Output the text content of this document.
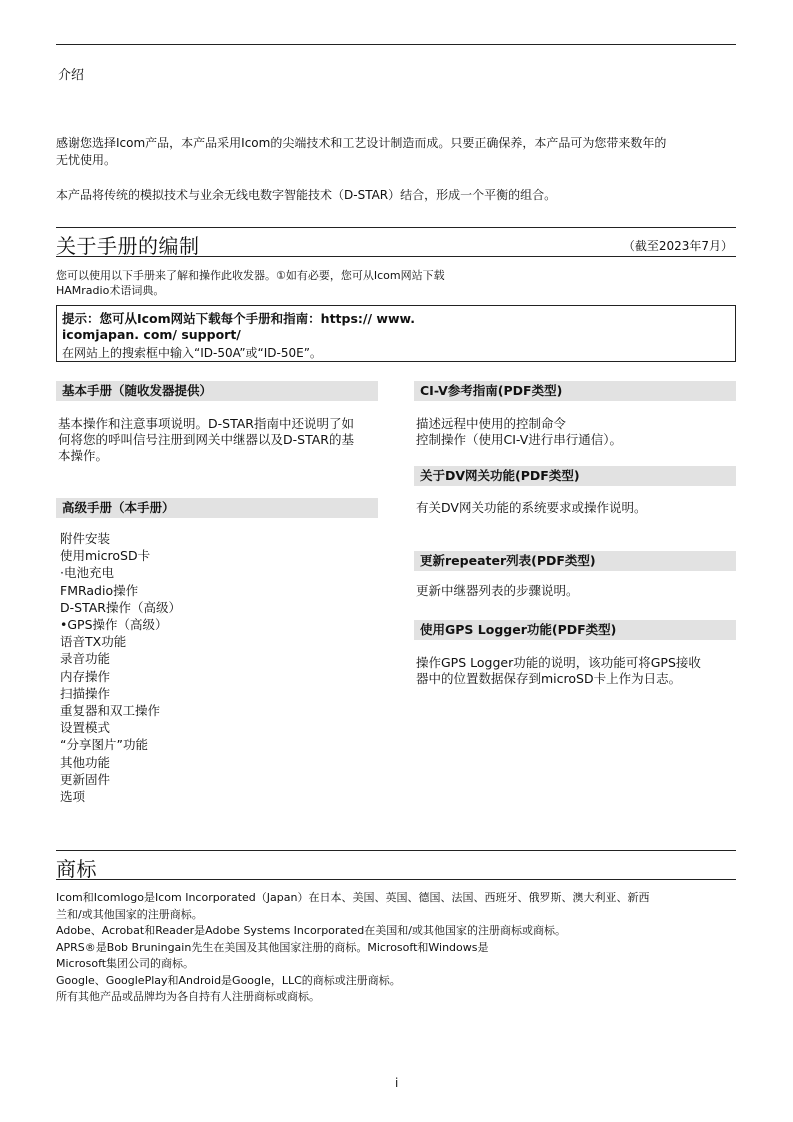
介绍
感谢您选择Icom产品，本产品采用Icom的尖端技术和工艺设计制造而成。只要正确保养，本产品可为您带来数年的
无忧使用。
本产品将传统的模拟技术与业余无线电数字智能技术（D-STAR）结合，形成一个平衡的组合。
关于手册的编制	（截至2023年7月）
您可以使用以下手册来了解和操作此收发器。①如有必要，您可从Icom网站下载
HAMradio术语词典。
提示：您可从Icom网站下载每个手册和指南：https:// www.
icomjapan. com/ support/
在网站上的搜索框中输入“ID-50A”或“ID-50E”。
基本手册（随收发器提供）
基本操作和注意事项说明。D-STAR指南中还说明了如
何将您的呼叫信号注册到网关中继器以及D-STAR的基
本操作。
高级手册（本手册）
附件安装
使用microSD卡
·电池充电
FMRadio操作
D-STAR操作（高级）
•GPS操作（高级）
语音TX功能
录音功能
内存操作
扫描操作
重复器和双工操作
设置模式
“分享图片”功能
其他功能
更新固件
选项
CI-V参考指南(PDF类型)
描述远程中使用的控制命令
控制操作（使用CI-V进行串行通信）。
关于DV网关功能(PDF类型)
有关DV网关功能的系统要求或操作说明。
更新repeater列表(PDF类型)
更新中继器列表的步骤说明。
使用GPS Logger功能(PDF类型)
操作GPS Logger功能的说明，该功能可将GPS接收
器中的位置数据保存到microSD卡上作为日志。
商标
Icom和Icomlogo是Icom Incorporated（Japan）在日本、美国、英国、德国、法国、西班牙、俄罗斯、澳大利亚、新西
兰和/或其他国家的注册商标。
Adobe、Acrobat和Reader是Adobe Systems Incorporated在美国和/或其他国家的注册商标或商标。
APRS®是Bob Bruningain先生在美国及其他国家注册的商标。Microsoft和Windows是
Microsoft集团公司的商标。
Google、GooglePlay和Android是Google，LLC的商标或注册商标。
所有其他产品或品牌均为各自持有人注册商标或商标。
i
